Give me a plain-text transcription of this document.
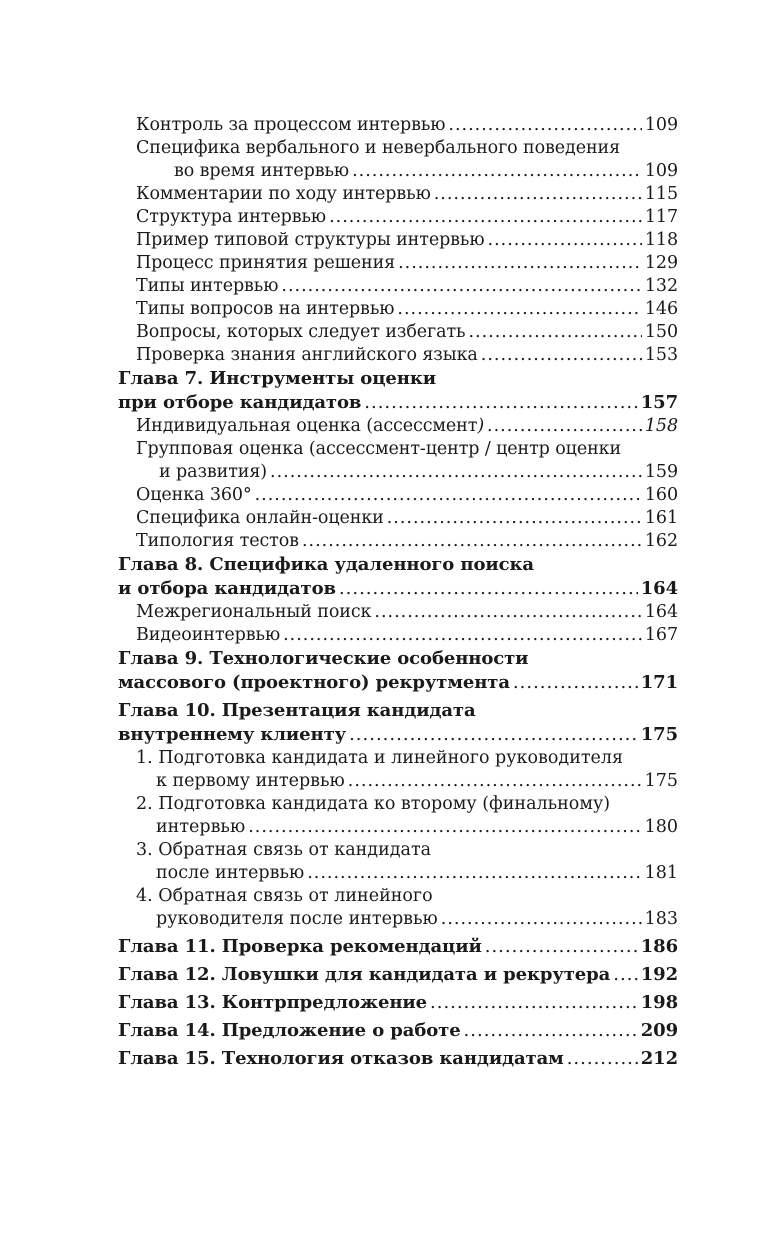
Контроль за процессом интервью .....	109
Специфика вербального и невербального поведения
во время интервью .....	109
Комментарии по ходу интервью .....	115
Структура интервью .....	117
Пример типовой структуры интервью .....	118
Процесс принятия решения .....	129
Типы интервью .....	132
Типы вопросов на интервью .....	146
Вопросы, которых следует избегать .....	150
Проверка знания английского языка .....	153
Глава 7. Инструменты оценки
при отборе кандидатов .....	157
Индивидуальная оценка (ассессмент) .....	158
Групповая оценка (ассессмент-центр / центр оценки
и развития) .....	159
Оценка 360° .....	160
Специфика онлайн-оценки .....	161
Типология тестов .....	162
Глава 8. Специфика удаленного поиска
и отбора кандидатов .....	164
Межрегиональный поиск .....	164
Видеоинтервью .....	167
Глава 9. Технологические особенности
массового (проектного) рекрутмента .....	171
Глава 10. Презентация кандидата
внутреннему клиенту .....	175
1. Подготовка кандидата и линейного руководителя
к первому интервью .....	175
2. Подготовка кандидата ко второму (финальному)
интервью .....	180
3. Обратная связь от кандидата
после интервью .....	181
4. Обратная связь от линейного
руководителя после интервью .....	183
Глава 11. Проверка рекомендаций .....	186
Глава 12. Ловушки для кандидата и рекрутера ..... 192
Глава 13. Контрпредложение .....	198
Глава 14. Предложение о работе .....	209
Глава 15. Технология отказов кандидатам .....	212
